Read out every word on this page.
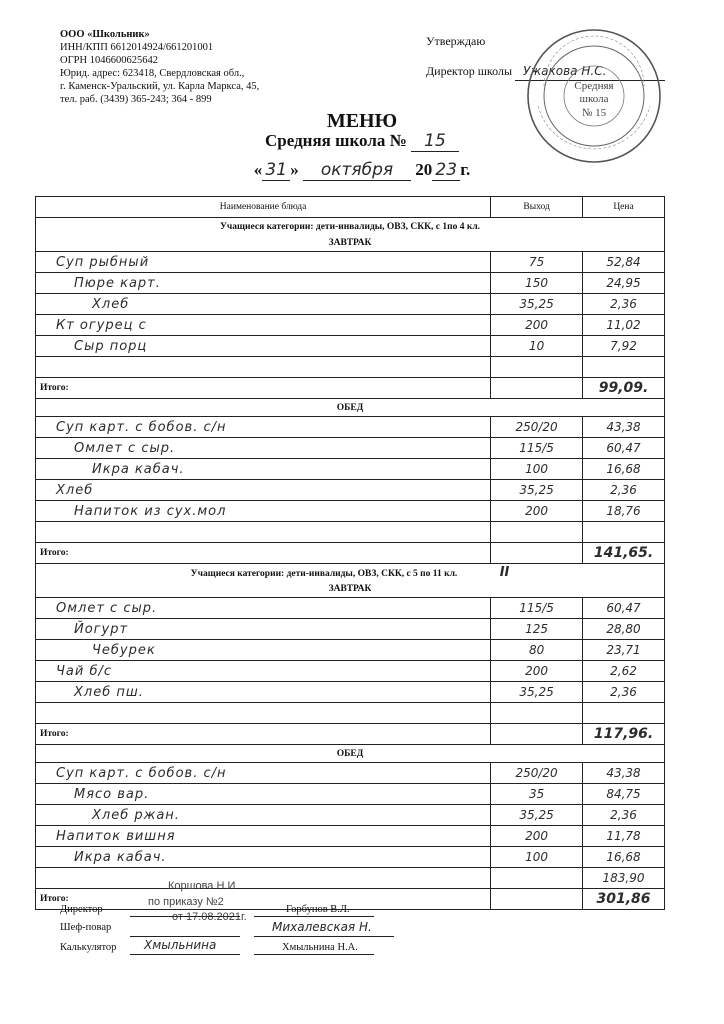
ООО «Школьник»
ИНН/КПП 6612014924/661201001
ОГРН 1046600625642
Юрид. адрес: 623418, Свердловская обл.,
г. Каменск-Уральский, ул. Карла Маркса, 45,
тел. раб. (3439) 365-243; 364 - 899
Утверждаю
Директор школы Ужакова Н.С.
Средняя
школа
№ 15
МЕНЮ
Средняя школа № 15
« 31 » октября 20 23 г.
Наименование блюда	Выход	Цена
Учащиеся категории: дети-инвалиды, ОВЗ, СКК, с 1по 4 кл.		
ЗАВТРАК		
Суп рыбный	75	52,84
Пюре карт.	150	24,95
Хлеб	35,25	2,36
Кт огурец с	200	11,02
Сыр порц	10	7,92

Итого:		99,09.
ОБЕД		
Суп карт. с бобов. с/н	250/20	43,38
Омлет с сыр.	115/5	60,47
Икра кабач.	100	16,68
Хлеб	35,25	2,36
Напиток из сух.мол	200	18,76

Итого:		141,65.
Учащиеся категории: дети-инвалиды, ОВЗ, СКК, с 5 по 11 кл. II		
ЗАВТРАК		
Омлет с сыр.	115/5	60,47
Йогурт	125	28,80
Чебурек	80	23,71
Чай б/с	200	2,62
Хлеб пш.	35,25	2,36

Итого:		117,96.
ОБЕД		
Суп карт. с бобов. с/н	250/20	43,38
Мясо вар.	35	84,75
Хлеб ржан.	35,25	2,36
Напиток вишня	200	11,78
Икра кабач.	100	16,68
		183,90
Итого:		301,86
Коршова Н.И
по приказу №2
от 17.08.2021г.
Директор	Горбунов В.Л.
Шеф-повар	Михалевская Н.
Калькулятор Хмыльнина	Хмыльнина Н.А.
